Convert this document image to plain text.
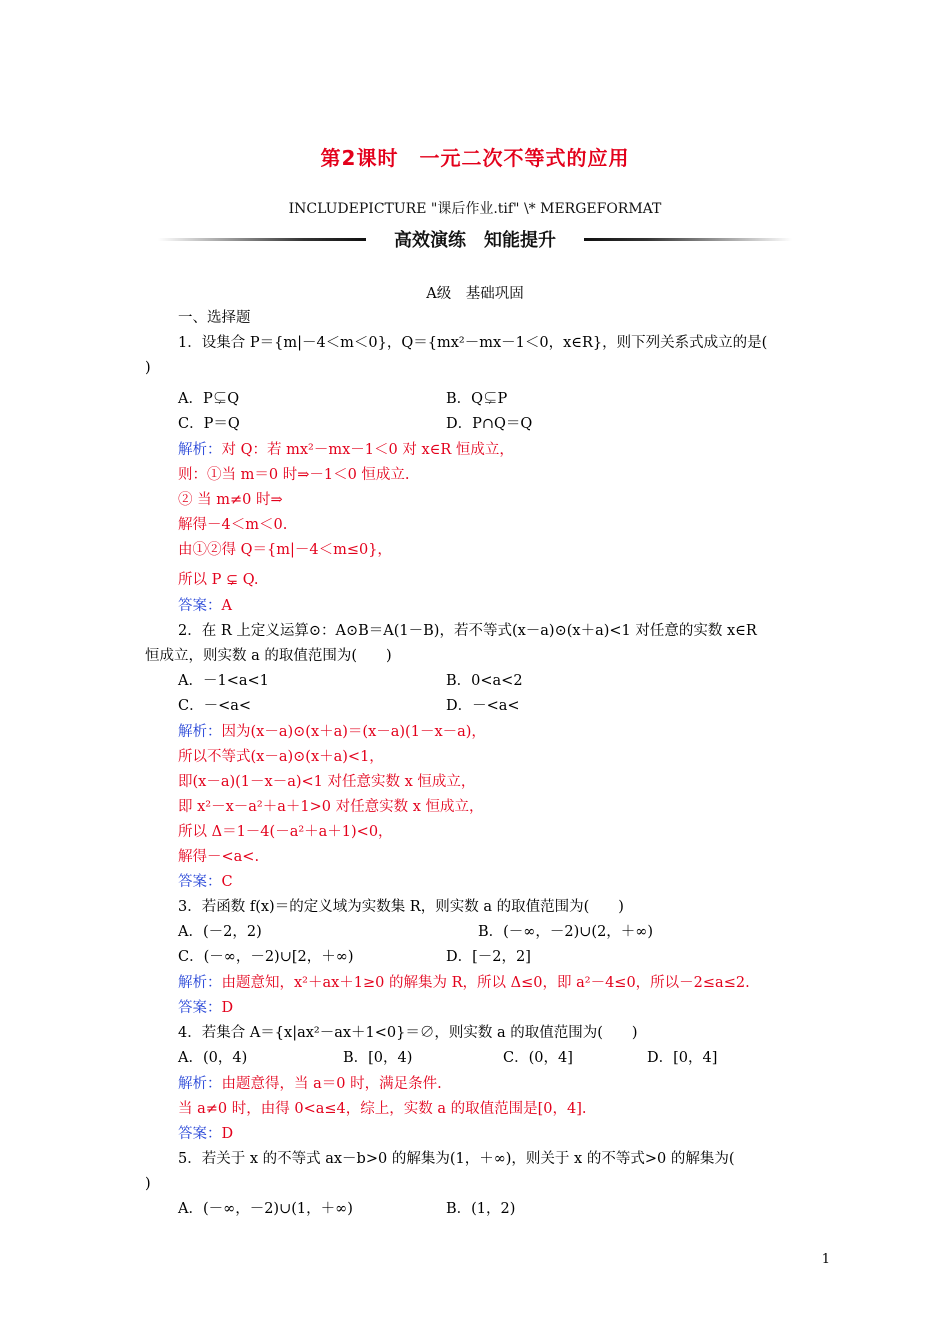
第2课时　一元二次不等式的应用
INCLUDEPICTURE "课后作业.tif" \* MERGEFORMAT
高效演练　知能提升
A级　基础巩固
一、选择题
1．设集合 P＝{m|－4＜m＜0}，Q＝{mx²－mx－1＜0，x∈R}，则下列关系式成立的是(
)
A．P⊊Q	B．Q⊊P
C．P＝Q	D．P∩Q＝Q
解析：对 Q：若 mx²－mx－1＜0 对 x∈R 恒成立，
则：①当 m＝0 时⇒－1＜0 恒成立.
② 当 m≠0 时⇒
解得－4＜m＜0.
由①②得 Q＝{m|－4＜m≤0}，
所以 P ⊊ Q.
答案：A
2．在 R 上定义运算⊙：A⊙B＝A(1－B)，若不等式(x－a)⊙(x＋a)<1 对任意的实数 x∈R
恒成立，则实数 a 的取值范围为(　　)
A．－1<a<1	B．0<a<2
C．－<a<	D．－<a<
解析：因为(x－a)⊙(x＋a)＝(x－a)(1－x－a)，
所以不等式(x－a)⊙(x＋a)<1，
即(x－a)(1－x－a)<1 对任意实数 x 恒成立，
即 x²－x－a²＋a＋1>0 对任意实数 x 恒成立，
所以 Δ＝1－4(－a²＋a＋1)<0，
解得－<a<.
答案：C
3．若函数 f(x)＝的定义域为实数集 R，则实数 a 的取值范围为(　　)
A．(－2，2)	B．(－∞，－2)∪(2，＋∞)
C．(－∞，－2)∪[2，＋∞)	D．[－2，2]
解析：由题意知，x²＋ax＋1≥0 的解集为 R，所以 Δ≤0，即 a²－4≤0，所以－2≤a≤2.
答案：D
4．若集合 A＝{x|ax²－ax＋1<0}＝∅，则实数 a 的取值范围为(　　)
A．(0，4)	B．[0，4)	C．(0，4]	D．[0，4]
解析：由题意得，当 a＝0 时，满足条件.
当 a≠0 时，由得 0<a≤4，综上，实数 a 的取值范围是[0，4].
答案：D
5．若关于 x 的不等式 ax－b>0 的解集为(1，＋∞)，则关于 x 的不等式>0 的解集为(
)
A．(－∞，－2)∪(1，＋∞)	B．(1，2)
1
